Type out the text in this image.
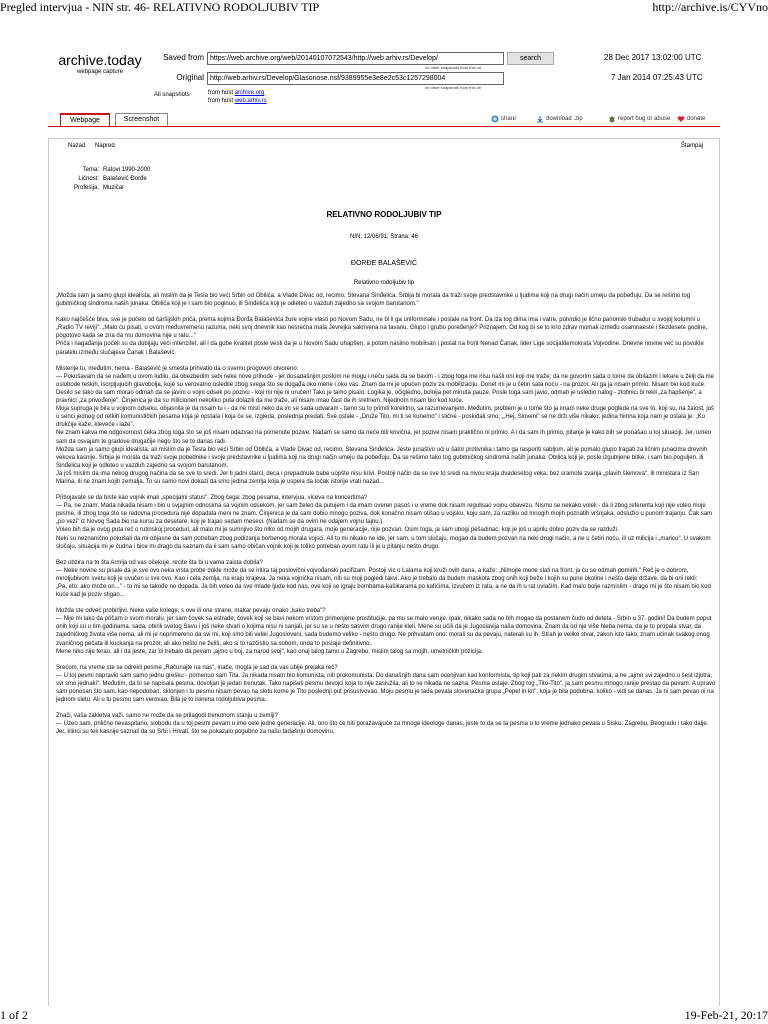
Pregled intervjua - NIN str. 46- RELATIVNO RODOLJUBIV TIP	http://archive.is/CYVno
archive.today
webpage capture
Saved from https://web.archive.org/web/20140107072543/http://web.arhiv.rs/Develop/	search
no other snapshots from this url
28 Dec 2017 13:02:00 UTC
Original http://web.arhiv.rs/Develop/Glasonose.nsf/9389955e3e8e2c53c1257298004
no other snapshots from this url
7 Jan 2014 07:25:43 UTC
All snapshots	from host archive.org
from host web.arhiv.rs
Webpage	Screenshot	share	download .zip	report bug or abuse	donate
Nazad Napred	Štampaj
Tema: Ratovi 1990-2000
Ličnost: Balašević Đorđe
Profesija: Muzičar
RELATIVNO RODOLJUBIV TIP
NIN, 12/06/91; Strana: 46
ĐORĐE BALAŠEVIĆ
Relativno rodoljubiv tip

„Možda sam ja samo glupi idealista, ali mislim da je Tesla bio veći Srbin od Obilića, a Vlade Divac od, recimo, Stevana Sinđelića. Srbija bi morala da traži svoje predstavnike u ljudima koji na drugi način umeju da pobeđuju. Da se rešimo tog gubitničkog sindroma naših junaka: Obilića koji je i sam bio poginuo, ili Sinđelića koji je odleteo u vazduh zajedno sa svojom barutanom."

Kako najčešće biva, sve je počelo od čaršijskih priča, prema kojima Đorđa Balaševića žure vojne vlasti po Novom Sadu, ne bi li ga uniformisale i poslale na front. Da iza tog dima ima i vatre, potvrdio je lično panonski trubadur u svojoj kolumni u „Radio TV reviji": „Malo ću pisati, u ovom međuvremenu razuma, neki svoj dnevnik kao nesrećna mala Jevrejka sakrivena na tavanu. Glupo i grubo poređenje? Priznajem. Od kog bi se to krio zdrav momak između osamnaeste i šezdesete godine, pogotovo kada se zna da mu domovina nije u ratu..."

Priča i nagađanja počeli su da dobijaju veći intenzitet, ali i da gube kvalitet posle vesti da je u Novom Sadu uhapšen, a potom nasilno mobilisan i poslat na front Nenad Čanak, lider Lige socijaldemokrata Vojvodine. Dnevne novine već su povukle paralelu između slučajeva Čanak i Balašević.

Misterije tu, međutim, nema - Balašević je smesta prihvatio da o svemu progovori otvoreno:
— Pokušavam da se nađem u ovom ludilu, da obezbedim sebi neke nove prihode - jer dosadašnjim poslom ne mogu i neću sada da se bavim - i zbog toga me nisu našli oni koji me traže; da ne govorim sada o tome da obilazim i lekare u želji da me oslobode teških, iscrpljujućih glavobolja, koje su verovatno usledile zbog svega što se događa oko mene i oko vas. Znam da mi je upućen poziv za mobilizaciju. Donet mi je u četiri sata noću - na prozor. Ali ga ja nisam primio. Nisam bio kod kuće. Desilo se tako da sam morao odmah da se javim u vojni odsek po pozivu - koji mi nije ni uručen! Tako je tamo pisalo. Logika je, očigledno, bolnija pet minuta pauze. Posle toga sam javio, odmah je usledio nalog - zlobnici bi rekli „za hapšenje", a pravnici „za privođenje". Činjenica je da su milicioneri nekoliko puta dolazili da me traže, ali nisam imao čast da ih sretnem. Nijednom nisam bio kod kuće.
Moja supruga je bila u vojnom odseku, objasnila je da nisam tu i - da ne misli neko da im se sada udvaram - tamo su to primili korektno, sa razumevanjem. Međutim, problem je u tome što ja imam neke druge poglede na sve to, koji su, na žalost, još u senci jednog od retkih komunističkih pesama koja je opstala i koja će se, izgleda, poslednja predati. Sve ostale - „Druže Tito, mi ti se kunemo" i slične - poskidali smo; „,Hej, Sloveni" se ne drži više nikako; jedina himna koja nam je ostala je: „Ko drukčije kaže, kleveće i laže".
Ne znam kakva me odgovornost čeka zbog toga što se još nisam odazvao na pomenute pozive. Nadam se samo da neće biti krivična, jer pozive nisam praktično ni primio. A i da sam ih primio, pitanje je kako bih se ponašao u toj situaciji. Jer, umeo sam da osvajam te gradove drugačije nego što se to danas radi.
Možda sam ja samo glupi idealista, ali mislim da je Tesla bio veći Srbin od Obilića, a Vlade Divac od, recimo, Stevana Sinđelića. Jeste junaštvo ući u šator protivnika i tamo ga rasporiti sabljom, ali je pomalo glupo tragati za ličnim junacima drevnih vekova kasnije. Srbija je morala da traži svoje pobednike i svoje predstavnike u ljudima koji na drugi način umeju da pobeđuju. Da se rešimo tako tog gubitničkog sindroma naših junaka: Obilića koji je, posle izgubljene bitke, i sam bio poguljen, ili Sinđelića koji je odleteo u vazduh zajedno sa svojom barutanom.
Ja još mislim da ima nekog drugog načina da se sve to sredi. Jer ti jadni starci, deca i prepadnute babe uopšte nisu krivi. Postoji način da se sve to sredi na nivou kraja dvadesetog veka, bez sramote zvanja „plavih šlemova", ili ministara iz San Marina, ili ne znam kojih zemalja. To su samo novi dokazi da smo jedina zemlja koja je uspela da točak istorije vrati nazad...

Pribojavate se da biste kao vojnik imali „specijalni status". Zbog čega: zbog pesama, intervjua, viceva na koncertima?
— Pa, ne znam. Mada nikada nisam i bio u svjajnim odnosima sa vojnim odsekom, jer sam želeo da putujem i da imam overen pasoš i u vreme dok nisam regulisao vojnu obavezu. Nismo se nekako voleli - da li zbog referenta koji nije voleo moje pesme, ili zbog toga što se redovna procedura nije dopadala meni ne znam. Činjenica je da sam dobio mnogo poziva, dok konačno nisam otišao u vojsku, koju sam, za razliku od mnogih mojih poznatih vršnjaka, odslužio u punom trajanju. Čak sam „po vezi" iz Novog Sada bio na kursu za desetare, koji je trajao sedam meseci. (Nadam se da ovim ne odajem vojnu tajnu.)
Voleo bih da je ovog puta reč o rutinskoj proceduri, ali malo mi je sumnjivo što niko od mojih drugara, moje generacije, nije pozvan. Osim toga, ja sam ubogi pešadinac, koji je još u aprilu dobio poziv da se razduži.
Neki su neznanićno pokušali da mi objasne da sam potreban zbog podizanja borbenog morala vojsci. Ali to mi nikako ne ide, jer sam, u tom slučaju, mogao da budem pozvan na neki drugi način, a ne u četiri noću, ili uz milicija i „maricu". U svakom slučaju, situacija mi je čudna i bice mi drago da saznam da ii sam samo običan vojnik koji je toliko potreban ovom ratu ili je u pitanju nešto drugo.

Bez obzira na to šta Armija od vas očekuje, recite šta bi u vama zaista dobila?
— Neke novine su pisale da je sve ovo neka vrsta probe dokle može da se iritira taj poslovični vojvođanski pacifizam. Postoji vic o Lalama koji kruži ovih dana, a kaže: „Nimojte mene slati na front, ja ću se odmah pomiriti." Reč je o dobrom, miroljubivom svetu koji je uvučen u sve ovo. Kao i cela zemlja, na kraju krajeva. Ja neka vojnička nisam, niti su moji pogledi takvi. Ako je trebalo da budem maskota zbog onih koji beže i kojih su pune okoline i nešto dalje države, da bi oni rekli:
„Pa, eto, ako može on..." - to mi se takođe ne dopada. Ja bih voleo da sve mlade ljude kod nas, ove koji se igraju bombama-kašikarama po kafićima, izvučem iz rata, a ne da ih u rat uvlačim. Kad malo bolje razmislim - drago mi je što nisam bio kod kuće kad je poziv stigao...

Možda ste odveć probirljivi. Neke vaše kolege, s ove ili one strane, makar pevaju onako „kako treba"?
— Nije mi lako da pričam o svom moralu, jer sam čovek sa estrade, čovek koji se bavi nekom vrstom primenjene prostitucije, pa mu se malo veruje. Ipak, nikako sada ne bih mogao da postanem čudo od deteta - Srbin u 37. godini! Da budem poput onih koji su u tim godinama, sada, otkrili svetog Savu i još neke stvari o kojima nisu ni sanjali, jer su se u nešto sasvim drugo ranije kleli. Mene su učili da je Jugoslavija naša domovina. Znam da od nje više hleba nema, da je to propala stvar, da zajedničkog života više nema, ali mi je neprimereno da svi mi, koji smo bili veliki Jugosloveni, sada budemo veliko - nešto drugo. Ne prihvatam ono: morali su da pevaju, naterali su ih. Strah je veliko stvar, zakon isto tako, znam učinak svakog onog zvaničnog pečata ili kuckanja na prozor, ali ako nešto ne želiš, ako si to razčistio sa sobom, onda to postaje definitivno.
Mene niko nije terao, ali i da jeste, zar bi trebalo da pevam „ajmo u boj, za narod svoj", kao onaj talog tamo u Zagrebu; mislim talog sa mojih, umetničkih pozicija.

Srećom, na vreme ste se odrekli pesme „Računajte na nas", inače, mogla je sad da vas ubije prejaka reč?
— U toj pesmi napravio sam samo jednu grešku - pomenuo sam Tita. Ja nikada nisam bio komunista, niti prokomunista. Do današnjih dana sam ocenjivan kao konformista, tip koji pati za nekim drugim stvarima, a ne „ajmo svi zajedno u šest izjutra, svi smo jednaki". Međutim, da bi se napisala pesma, dovoljan je jedan trenutak. Tako napišeš pesmu devojci koja to nije zaslužila, ali to se nikada ne sazna. Pesma ostaje. Zbog tog „Tito-Tito", ja sam pesmu mnogo ranije prestao da pevam. A upravo sam ponosan što sam, kao nepodoban, sklonjen i tu pesmu nisam pevao na sletu kome je Tito poslednji put prisustvovao. Moju pesmu je tada pevala slovenačka grupa „Pepel in kri", koja je bila podobna; koliko - vidi se danas. Ja ni sam pevao ni na jednom sletu. Ali u tu pesmu sam verovao. Bila je to iskrena rodoljubiva pesma.

Znači, vaša zakletva važi. samo ne može da se prilagodi trenutnom stanju u zemlji?
— Uzeo sam, prilično nevaspitano, slobodu da u toj pesmi pevam u ime cele jedne generacije. Ali, ono što će biti poražavajuće za mnoge ideologe danas, jeste to da se ta pesma u to vreme jednako pevala u Sisku, Zagrebu, Beogradu i tako dalje. Jer, klinci su tek kasnije saznali da su Srbi i Hrvati, što se pokazalo pogubno za našu tadašnju domovinu.

1 of 2	19-Feb-21, 20:17
